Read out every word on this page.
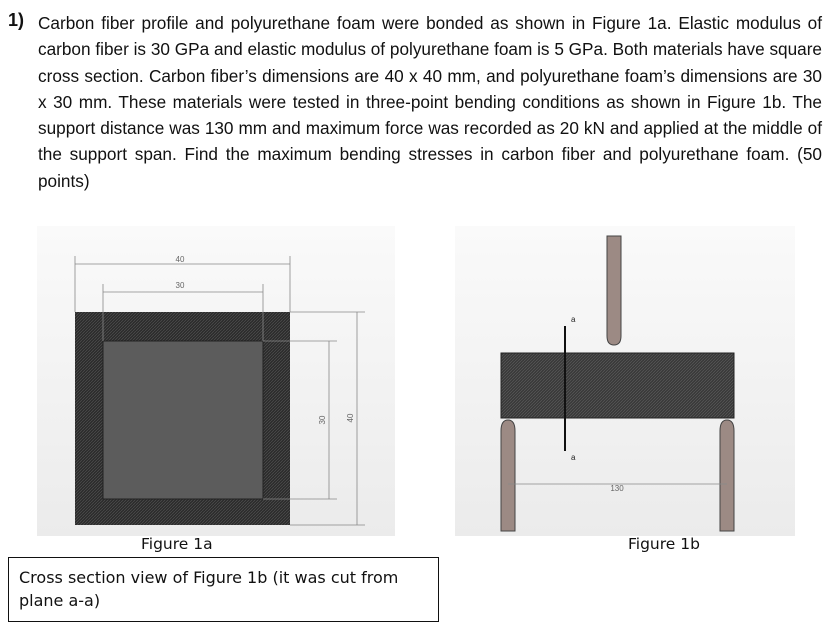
1) Carbon fiber profile and polyurethane foam were bonded as shown in Figure 1a. Elastic modulus of carbon fiber is 30 GPa and elastic modulus of polyurethane foam is 5 GPa. Both materials have square cross section. Carbon fiber’s dimensions are 40 x 40 mm, and polyurethane foam’s dimensions are 30 x 30 mm. These materials were tested in three-point bending conditions as shown in Figure 1b. The support distance was 130 mm and maximum force was recorded as 20 kN and applied at the middle of the support span. Find the maximum bending stresses in carbon fiber and polyurethane foam. (50 points)
40
30
30 40
a
a
130
Figure 1a	Figure 1b
Cross section view of Figure 1b (it was cut from plane a-a)
